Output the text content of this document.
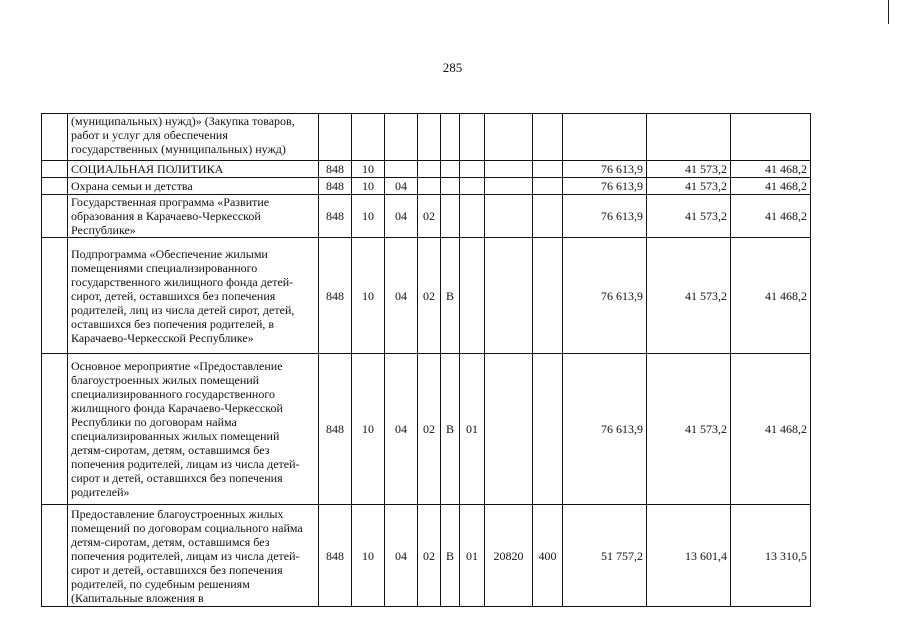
285
	(муниципальных) нужд)» (Закупка товаров, работ и услуг для обеспечения государственных (муниципальных) нужд)											
	СОЦИАЛЬНАЯ ПОЛИТИКА	848	10							76 613,9	41 573,2	41 468,2
	Охрана семьи и детства	848	10	04						76 613,9	41 573,2	41 468,2
	Государственная программа «Развитие образования в Карачаево-Черкесской Республике»	848	10	04	02					76 613,9	41 573,2	41 468,2
	Подпрограмма «Обеспечение жилыми помещениями специализированного государственного жилищного фонда детей-сирот, детей, оставшихся без попечения родителей, лиц из числа детей сирот, детей, оставшихся без попечения родителей, в Карачаево-Черкесской Республике»	848	10	04	02	В				76 613,9	41 573,2	41 468,2
	Основное мероприятие «Предоставление благоустроенных жилых помещений специализированного государственного жилищного фонда Карачаево-Черкесской Республики по договорам найма специализированных жилых помещений детям-сиротам, детям, оставшимся без попечения родителей, лицам из числа детей-сирот и детей, оставшихся без попечения родителей»	848	10	04	02	В	01			76 613,9	41 573,2	41 468,2
	Предоставление благоустроенных жилых помещений по договорам социального найма детям-сиротам, детям, оставшимся без попечения родителей, лицам из числа детей-сирот и детей, оставшихся без попечения родителей, по судебным решениям (Капитальные вложения в	848	10	04	02	В	01	20820	400	51 757,2	13 601,4	13 310,5
